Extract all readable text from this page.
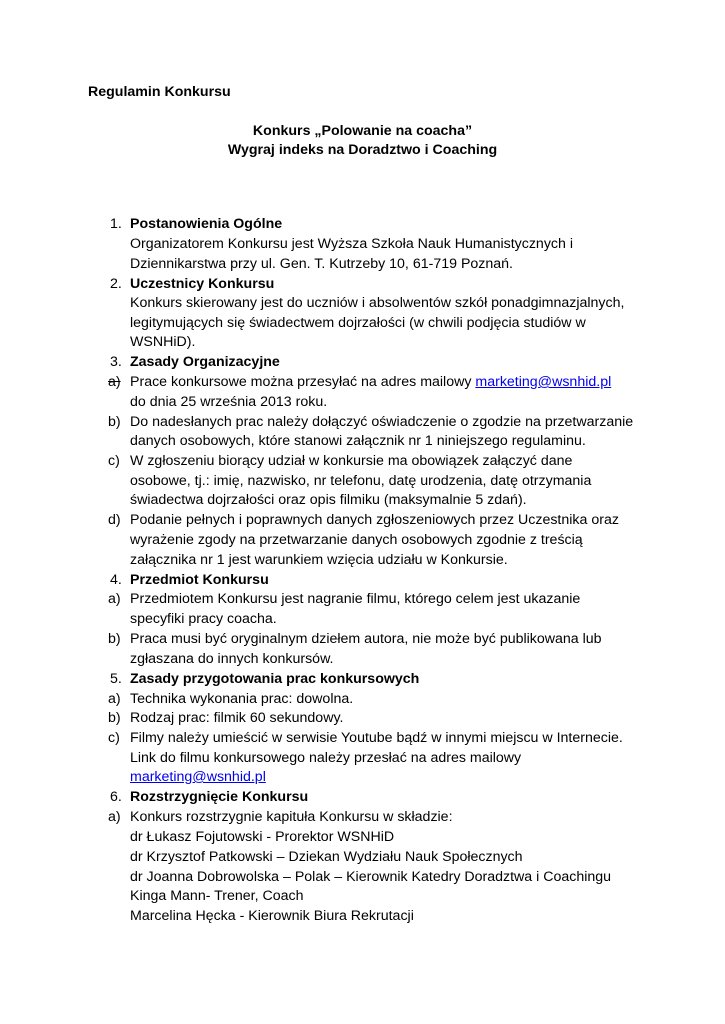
Regulamin Konkursu
Konkurs „Polowanie na coacha”
Wygraj indeks na Doradztwo i Coaching
1. Postanowienia Ogólne
Organizatorem Konkursu jest Wyższa Szkoła Nauk Humanistycznych i
Dziennikarstwa przy ul. Gen. T. Kutrzeby 10, 61-719 Poznań.
2. Uczestnicy Konkursu
Konkurs skierowany jest do uczniów i absolwentów szkół ponadgimnazjalnych,
legitymujących się świadectwem dojrzałości (w chwili podjęcia studiów w
WSNHiD).
3. Zasady Organizacyjne
a) Prace konkursowe można przesyłać na adres mailowy marketing@wsnhid.pl
do dnia 25 września 2013 roku.
b) Do nadesłanych prac należy dołączyć oświadczenie o zgodzie na przetwarzanie
danych osobowych, które stanowi załącznik nr 1 niniejszego regulaminu.
c) W zgłoszeniu biorący udział w konkursie ma obowiązek załączyć dane
osobowe, tj.: imię, nazwisko, nr telefonu, datę urodzenia, datę otrzymania
świadectwa dojrzałości oraz opis filmiku (maksymalnie 5 zdań).
d) Podanie pełnych i poprawnych danych zgłoszeniowych przez Uczestnika oraz
wyrażenie zgody na przetwarzanie danych osobowych zgodnie z treścią
załącznika nr 1 jest warunkiem wzięcia udziału w Konkursie.
4. Przedmiot Konkursu
a) Przedmiotem Konkursu jest nagranie filmu, którego celem jest ukazanie
specyfiki pracy coacha.
b) Praca musi być oryginalnym dziełem autora, nie może być publikowana lub
zgłaszana do innych konkursów.
5. Zasady przygotowania prac konkursowych
a) Technika wykonania prac: dowolna.
b) Rodzaj prac: filmik 60 sekundowy.
c) Filmy należy umieścić w serwisie Youtube bądź w innymi miejscu w Internecie.
Link do filmu konkursowego należy przesłać na adres mailowy
marketing@wsnhid.pl
6. Rozstrzygnięcie Konkursu
a) Konkurs rozstrzygnie kapituła Konkursu w składzie:
dr Łukasz Fojutowski - Prorektor WSNHiD
dr Krzysztof Patkowski – Dziekan Wydziału Nauk Społecznych
dr Joanna Dobrowolska – Polak – Kierownik Katedry Doradztwa i Coachingu
Kinga Mann- Trener, Coach
Marcelina Hęcka - Kierownik Biura Rekrutacji
